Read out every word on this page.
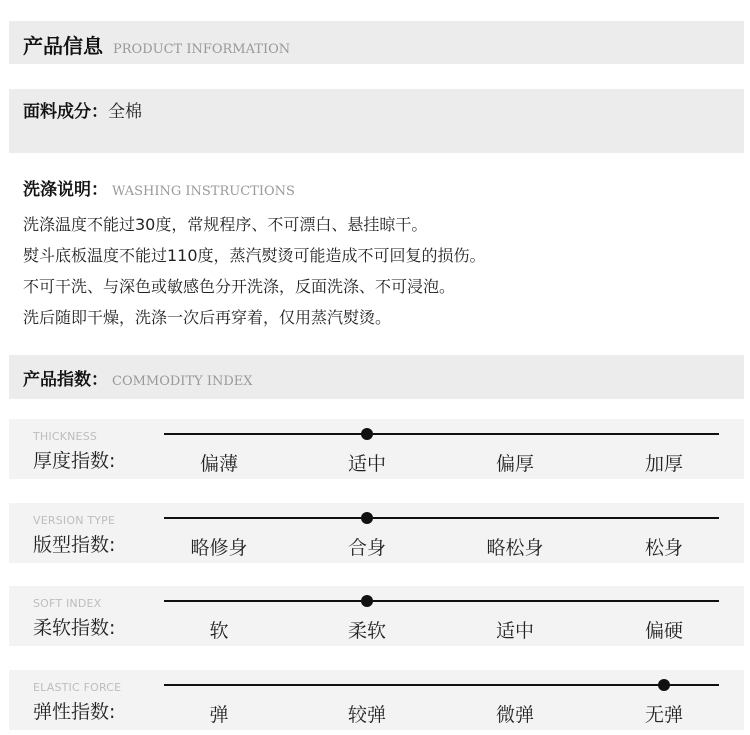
产品信息 PRODUCT INFORMATION
面料成分：全棉
洗涤说明： WASHING INSTRUCTIONS
洗涤温度不能过30度，常规程序、不可漂白、悬挂晾干。
熨斗底板温度不能过110度，蒸汽熨烫可能造成不可回复的损伤。
不可干洗、与深色或敏感色分开洗涤，反面洗涤、不可浸泡。
洗后随即干燥，洗涤一次后再穿着，仅用蒸汽熨烫。
产品指数： COMMODITY INDEX
THICKNESS
厚度指数:	偏薄	适中	偏厚	加厚
VERSION TYPE
版型指数:	略修身	合身	略松身	松身
SOFT INDEX
柔软指数:	软	柔软	适中	偏硬
ELASTIC FORCE
弹性指数:	弹	较弹	微弹	无弹
